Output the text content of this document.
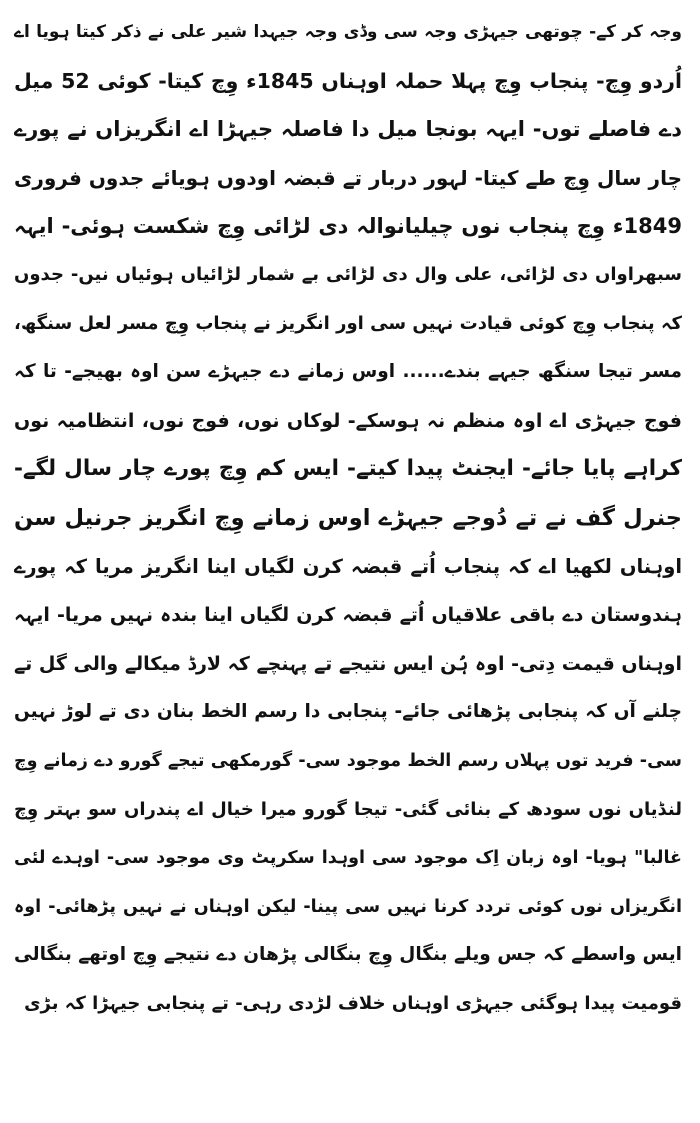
وجہ کر کے- چوتھی جیہڑی وجہ سی وڈی وجہ جیہدا شیر علی نے ذکر کیتا ہویا اے
اُردو وِچ- پنجاب وِچ پہلا حملہ اوہناں 1845ء وِچ کیتا- کوئی 52 میل
دے فاصلے توں- ایہہ بونجا میل دا فاصلہ جیہڑا اے انگریزاں نے پورے
چار سال وِچ طے کیتا- لہور دربار تے قبضہ اودوں ہویائے جدوں فروری
1849ء وِچ پنجاب نوں چیلیانوالہ دی لڑائی وِچ شکست ہوئی- ایہہ
سبھراواں دی لڑائی، علی وال دی لڑائی بے شمار لڑائیاں ہوئیاں نیں- جدوں
کہ پنجاب وِچ کوئی قیادت نہیں سی اور انگریز نے پنجاب وِچ مسر لعل سنگھ،
مسر تیجا سنگھ جیہے بندے...... اوس زمانے دے جیہڑے سن اوہ بھیجے- تا کہ
فوج جیہڑی اے اوہ منظم نہ ہوسکے- لوکاں نوں، فوج نوں، انتظامیہ نوں
کراہے پایا جائے- ایجنٹ پیدا کیتے- ایس کم وِچ پورے چار سال لگے-
جنرل گف نے تے دُوجے جیہڑے اوس زمانے وِچ انگریز جرنیل سن
اوہناں لکھیا اے کہ پنجاب اُتے قبضہ کرن لگیاں اینا انگریز مریا کہ پورے
ہندوستان دے باقی علاقیاں اُتے قبضہ کرن لگیاں اینا بندہ نہیں مریا- ایہہ
اوہناں قیمت دِتی- اوہ ہُن ایس نتیجے تے پہنچے کہ لارڈ میکالے والی گل تے
چلنے آں کہ پنجابی پڑھائی جائے- پنجابی دا رسم الخط بنان دی تے لوڑ نہیں
سی- فرید توں پہلاں رسم الخط موجود سی- گورمکھی تیجے گورو دے زمانے وِچ
لنڈیاں نوں سودھ کے بنائی گئی- تیجا گورو میرا خیال اے پندراں سو بہتر وِچ
غالبا" ہویا- اوہ زبان اِک موجود سی اوہدا سکرپٹ وی موجود سی- اوہدے لئی
انگریزاں نوں کوئی تردد کرنا نہیں سی پینا- لیکن اوہناں نے نہیں پڑھائی- اوہ
ایس واسطے کہ جس ویلے بنگال وِچ بنگالی پڑھان دے نتیجے وِچ اوتھے بنگالی
قومیت پیدا ہوگئی جیہڑی اوہناں خلاف لڑدی رہی- تے پنجابی جیہڑا کہ بڑی
